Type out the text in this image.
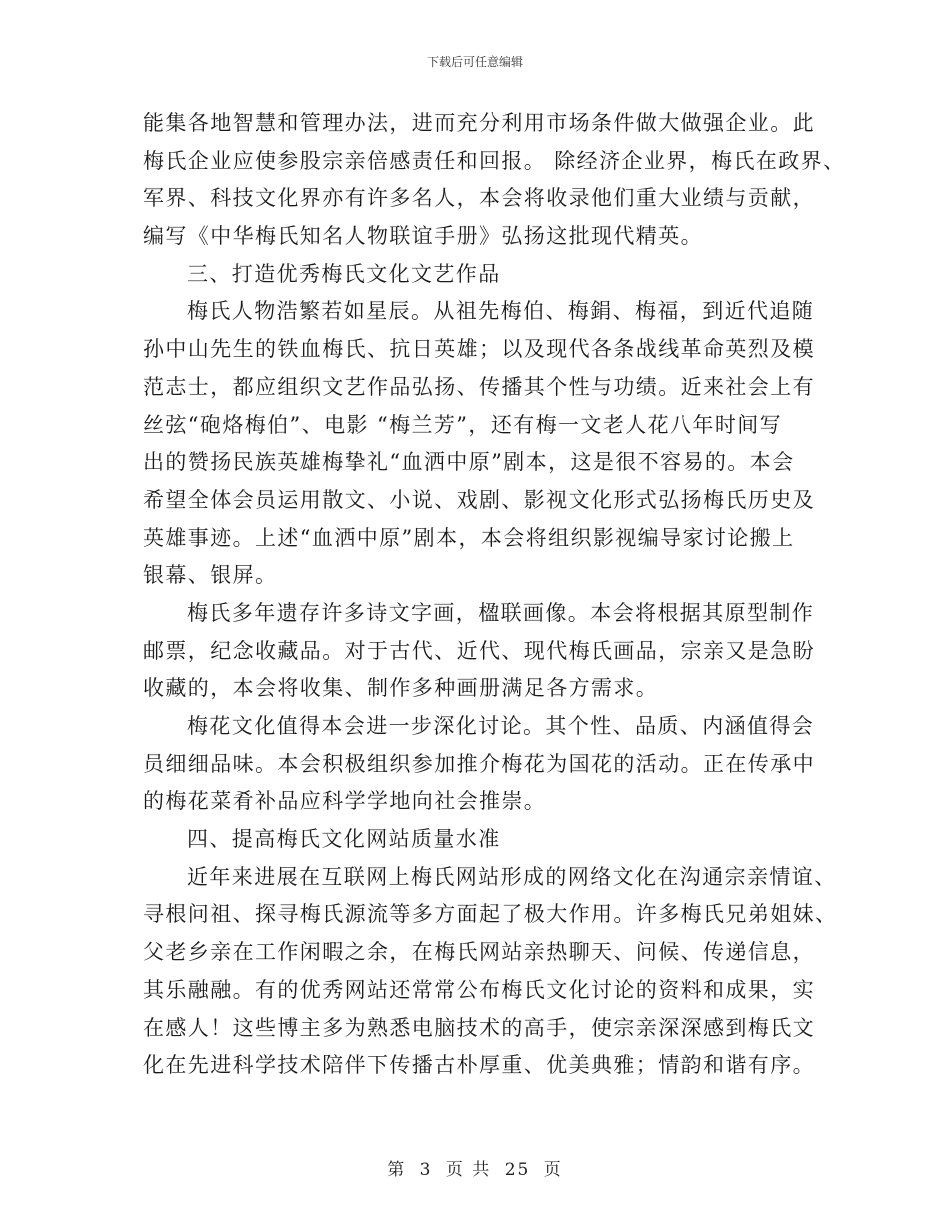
下载后可任意编辑
能集各地智慧和管理办法，进而充分利用市场条件做大做强企业。此
梅氏企业应使参股宗亲倍感责任和回报。 除经济企业界，梅氏在政界、
军界、科技文化界亦有许多名人，本会将收录他们重大业绩与贡献，
编写《中华梅氏知名人物联谊手册》弘扬这批现代精英。
三、打造优秀梅氏文化文艺作品
梅氏人物浩繁若如星辰。从祖先梅伯、梅鋗、梅福，到近代追随
孙中山先生的铁血梅氏、抗日英雄；以及现代各条战线革命英烈及模
范志士，都应组织文艺作品弘扬、传播其个性与功绩。近来社会上有
丝弦“砲烙梅伯”、电影 “梅兰芳”，还有梅一文老人花八年时间写
出的赞扬民族英雄梅挚礼“血洒中原”剧本，这是很不容易的。本会
希望全体会员运用散文、小说、戏剧、影视文化形式弘扬梅氏历史及
英雄事迹。上述“血洒中原”剧本，本会将组织影视编导家讨论搬上
银幕、银屏。
梅氏多年遗存许多诗文字画，楹联画像。本会将根据其原型制作
邮票，纪念收藏品。对于古代、近代、现代梅氏画品，宗亲又是急盼
收藏的，本会将收集、制作多种画册满足各方需求。
梅花文化值得本会进一步深化讨论。其个性、品质、内涵值得会
员细细品味。本会积极组织参加推介梅花为国花的活动。正在传承中
的梅花菜肴补品应科学学地向社会推崇。
四、提高梅氏文化网站质量水准
近年来进展在互联网上梅氏网站形成的网络文化在沟通宗亲情谊、
寻根问祖、探寻梅氏源流等多方面起了极大作用。许多梅氏兄弟姐妹、
父老乡亲在工作闲暇之余，在梅氏网站亲热聊天、问候、传递信息，
其乐融融。有的优秀网站还常常公布梅氏文化讨论的资料和成果，实
在感人！这些博主多为熟悉电脑技术的高手，使宗亲深深感到梅氏文
化在先进科学技术陪伴下传播古朴厚重、优美典雅；情韵和谐有序。
第 3 页 共 25 页
